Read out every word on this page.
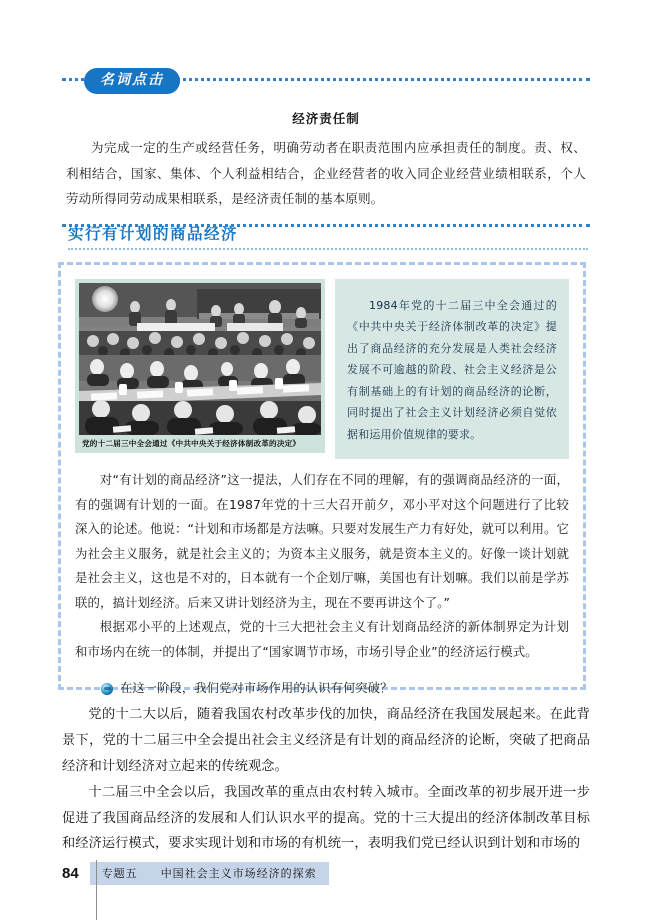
名词点击
经济责任制
为完成一定的生产或经营任务，明确劳动者在职责范围内应承担责任的制度。责、权、利相结合，国家、集体、个人利益相结合，企业经营者的收入同企业经营业绩相联系，个人劳动所得同劳动成果相联系，是经济责任制的基本原则。
实行有计划的商品经济
党的十二届三中全会通过《中共中央关于经济体制改革的决定》
1984年党的十二届三中全会通过的《中共中央关于经济体制改革的决定》提出了商品经济的充分发展是人类社会经济发展不可逾越的阶段、社会主义经济是公有制基础上的有计划的商品经济的论断，同时提出了社会主义计划经济必须自觉依据和运用价值规律的要求。
对“有计划的商品经济”这一提法，人们存在不同的理解，有的强调商品经济的一面，有的强调有计划的一面。在1987年党的十三大召开前夕，邓小平对这个问题进行了比较深入的论述。他说：“计划和市场都是方法嘛。只要对发展生产力有好处，就可以利用。它为社会主义服务，就是社会主义的；为资本主义服务，就是资本主义的。好像一谈计划就是社会主义，这也是不对的，日本就有一个企划厅嘛，美国也有计划嘛。我们以前是学苏联的，搞计划经济。后来又讲计划经济为主，现在不要再讲这个了。”
根据邓小平的上述观点，党的十三大把社会主义有计划商品经济的新体制界定为计划和市场内在统一的体制，并提出了“国家调节市场，市场引导企业”的经济运行模式。
在这一阶段，我们党对市场作用的认识有何突破？
党的十二大以后，随着我国农村改革步伐的加快，商品经济在我国发展起来。在此背景下，党的十二届三中全会提出社会主义经济是有计划的商品经济的论断，突破了把商品经济和计划经济对立起来的传统观念。
十二届三中全会以后，我国改革的重点由农村转入城市。全面改革的初步展开进一步促进了我国商品经济的发展和人们认识水平的提高。党的十三大提出的经济体制改革目标和经济运行模式，要求实现计划和市场的有机统一，表明我们党已经认识到计划和市场的
84	专题五 中国社会主义市场经济的探索
